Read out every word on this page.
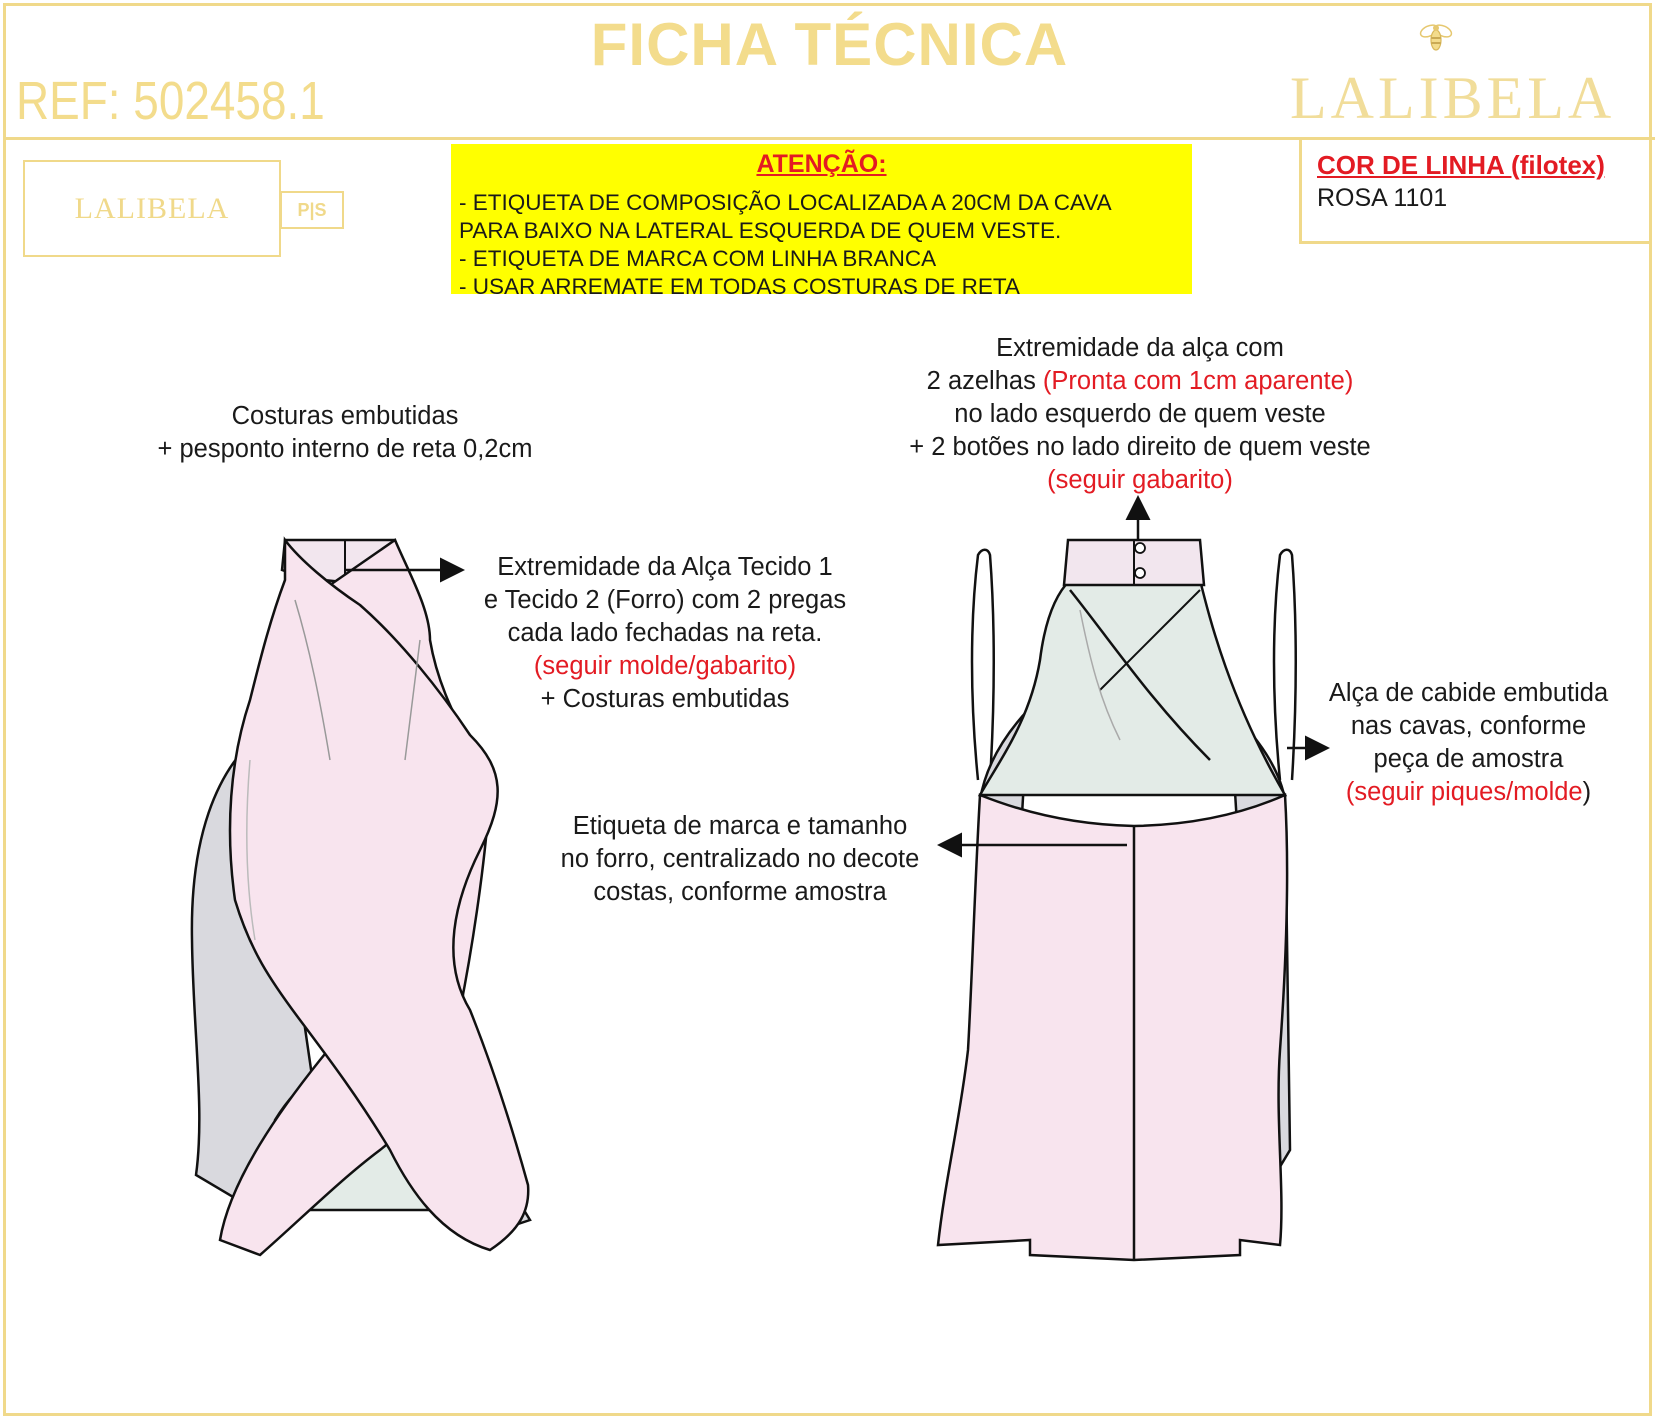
FICHA TÉCNICA
REF: 502458.1	LALIBELA
LALIBELA	P|S
ATENÇÃO:
- ETIQUETA DE COMPOSIÇÃO LOCALIZADA A 20CM DA CAVA
PARA BAIXO NA LATERAL ESQUERDA DE QUEM VESTE.
- ETIQUETA DE MARCA COM LINHA BRANCA
- USAR ARREMATE EM TODAS COSTURAS DE RETA
COR DE LINHA (filotex)
ROSA 1101
Costuras embutidas
+ pesponto interno de reta 0,2cm
Extremidade da Alça Tecido 1
e Tecido 2 (Forro) com 2 pregas
cada lado fechadas na reta.
(seguir molde/gabarito)
+ Costuras embutidas
Extremidade da alça com
2 azelhas (Pronta com 1cm aparente)
no lado esquerdo de quem veste
+ 2 botões no lado direito de quem veste
(seguir gabarito)
Etiqueta de marca e tamanho
no forro, centralizado no decote
costas, conforme amostra
Alça de cabide embutida
nas cavas, conforme
peça de amostra
(seguir piques/molde)
